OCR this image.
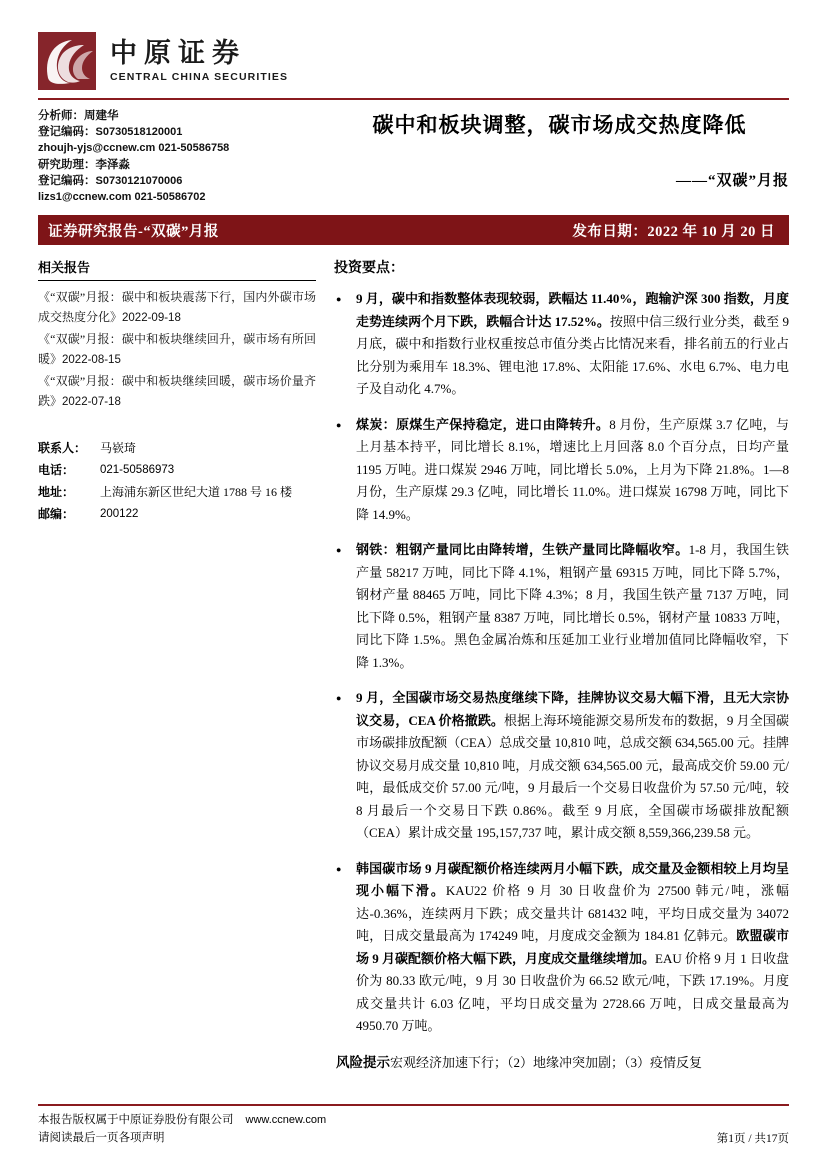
中原证券
CENTRAL CHINA SECURITIES
分析师：周建华
登记编码：S0730518120001
zhoujh-yjs@ccnew.cm 021-50586758
研究助理：李泽淼
登记编码：S0730121070006
lizs1@ccnew.com 021-50586702
碳中和板块调整，碳市场成交热度降低
——“双碳”月报
证券研究报告-“双碳”月报	发布日期：2022 年 10 月 20 日
相关报告
《“双碳”月报：碳中和板块震荡下行，国内外碳市场成交热度分化》2022-09-18
《“双碳”月报：碳中和板块继续回升，碳市场有所回暖》2022-08-15
《“双碳”月报：碳中和板块继续回暖，碳市场价量齐跌》2022-07-18
联系人：	马嵚琦
电话：	021-50586973
地址：	上海浦东新区世纪大道 1788 号 16 楼
邮编：	200122
投资要点：
● 9 月，碳中和指数整体表现较弱，跌幅达 11.40%，跑输沪深 300 指数，月度走势连续两个月下跌，跌幅合计达 17.52%。按照中信三级行业分类，截至 9 月底，碳中和指数行业权重按总市值分类占比情况来看，排名前五的行业占比分别为乘用车 18.3%、锂电池 17.8%、太阳能 17.6%、水电 6.7%、电力电子及自动化 4.7%。
● 煤炭：原煤生产保持稳定，进口由降转升。8 月份，生产原煤 3.7 亿吨，与上月基本持平，同比增长 8.1%，增速比上月回落 8.0 个百分点，日均产量 1195 万吨。进口煤炭 2946 万吨，同比增长 5.0%，上月为下降 21.8%。1—8 月份，生产原煤 29.3 亿吨，同比增长 11.0%。进口煤炭 16798 万吨，同比下降 14.9%。
● 钢铁：粗钢产量同比由降转增，生铁产量同比降幅收窄。1-8 月，我国生铁产量 58217 万吨，同比下降 4.1%，粗钢产量 69315 万吨，同比下降 5.7%，钢材产量 88465 万吨，同比下降 4.3%；8 月，我国生铁产量 7137 万吨，同比下降 0.5%，粗钢产量 8387 万吨，同比增长 0.5%，钢材产量 10833 万吨，同比下降 1.5%。黑色金属冶炼和压延加工业行业增加值同比降幅收窄，下降 1.3%。
● 9 月，全国碳市场交易热度继续下降，挂牌协议交易大幅下滑，且无大宗协议交易，CEA 价格撤跌。根据上海环境能源交易所发布的数据，9 月全国碳市场碳排放配额（CEA）总成交量 10,810 吨，总成交额 634,565.00 元。挂牌协议交易月成交量 10,810 吨，月成交额 634,565.00 元，最高成交价 59.00 元/吨，最低成交价 57.00 元/吨，9 月最后一个交易日收盘价为 57.50 元/吨，较 8 月最后一个交易日下跌 0.86%。截至 9 月底，全国碳市场碳排放配额（CEA）累计成交量 195,157,737 吨，累计成交额 8,559,366,239.58 元。
● 韩国碳市场 9 月碳配额价格连续两月小幅下跌，成交量及金额相较上月均呈现小幅下滑。KAU22 价格 9 月 30 日收盘价为 27500 韩元/吨，涨幅达-0.36%，连续两月下跌；成交量共计 681432 吨，平均日成交量为 34072 吨，日成交量最高为 174249 吨，月度成交金额为 184.81 亿韩元。欧盟碳市场 9 月碳配额价格大幅下跌，月度成交量继续增加。EAU 价格 9 月 1 日收盘价为 80.33 欧元/吨，9 月 30 日收盘价为 66.52 欧元/吨，下跌 17.19%。月度成交量共计 6.03 亿吨，平均日成交量为 2728.66 万吨，日成交量最高为 4950.70 万吨。
风险提示宏观经济加速下行；（2）地缘冲突加剧；（3）疫情反复
本报告版权属于中原证券股份有限公司 www.ccnew.com
请阅读最后一页各项声明	第1页 / 共17页
